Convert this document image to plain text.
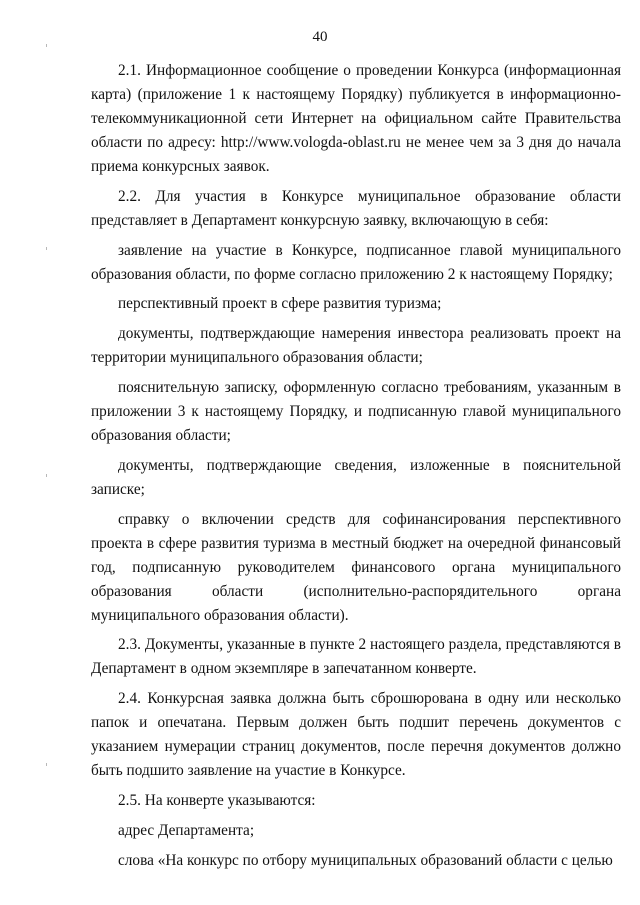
40

2.1. Информационное сообщение о проведении Конкурса (информационная карта) (приложение 1 к настоящему Порядку) публикуется в информационно-телекоммуникационной сети Интернет на официальном сайте Правительства области по адресу: http://www.vologda-oblast.ru не менее чем за 3 дня до начала приема конкурсных заявок.

2.2. Для участия в Конкурсе муниципальное образование области представляет в Департамент конкурсную заявку, включающую в себя:

заявление на участие в Конкурсе, подписанное главой муниципального образования области, по форме согласно приложению 2 к настоящему Порядку;

перспективный проект в сфере развития туризма;

документы, подтверждающие намерения инвестора реализовать проект на территории муниципального образования области;

пояснительную записку, оформленную согласно требованиям, указанным в приложении 3 к настоящему Порядку, и подписанную главой муниципального образования области;

документы, подтверждающие сведения, изложенные в пояснительной записке;

справку о включении средств для софинансирования перспективного проекта в сфере развития туризма в местный бюджет на очередной финансовый год, подписанную руководителем финансового органа муниципального образования области (исполнительно-распорядительного органа муниципального образования области).

2.3. Документы, указанные в пункте 2 настоящего раздела, представляются в Департамент в одном экземпляре в запечатанном конверте.

2.4. Конкурсная заявка должна быть сброшюрована в одну или несколько папок и опечатана. Первым должен быть подшит перечень документов с указанием нумерации страниц документов, после перечня документов должно быть подшито заявление на участие в Конкурсе.

2.5. На конверте указываются:

адрес Департамента;

слова «На конкурс по отбору муниципальных образований области с целью
